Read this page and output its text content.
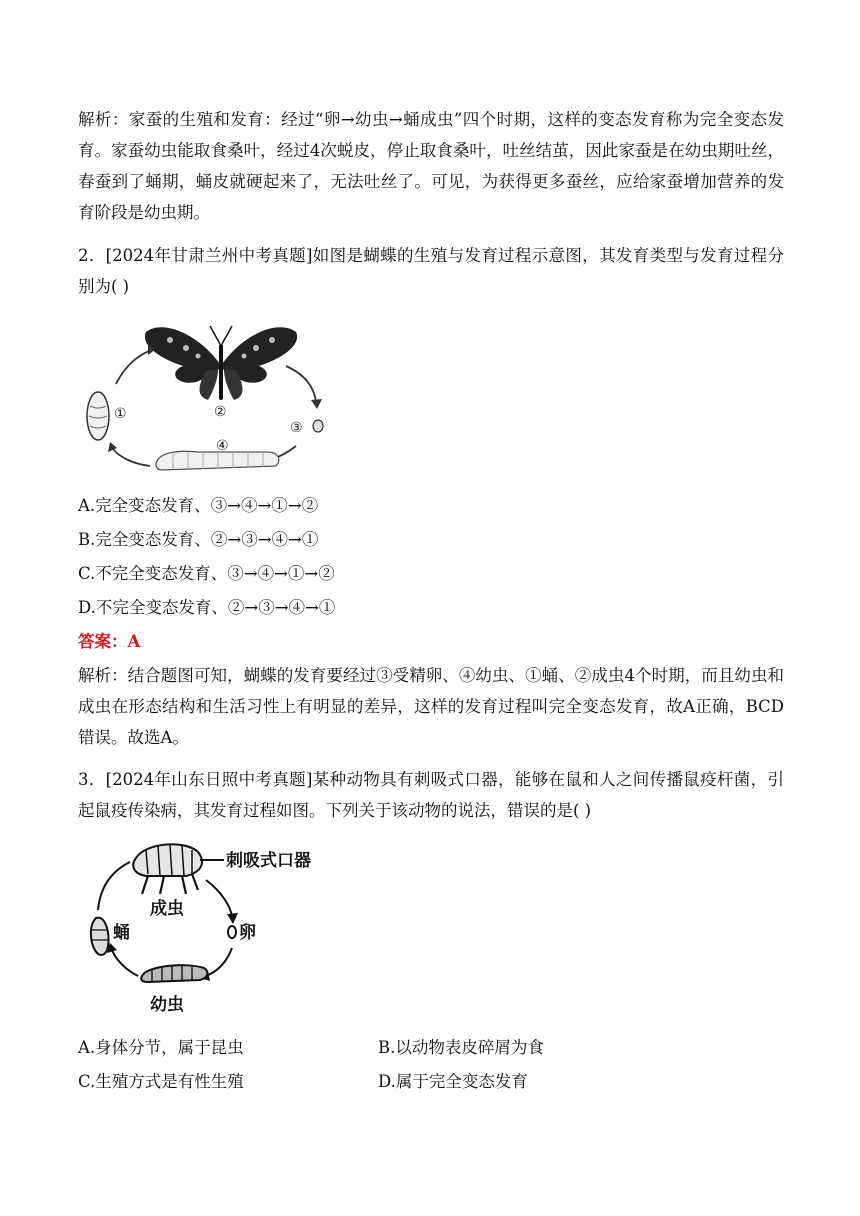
解析：家蚕的生殖和发育：经过“卵→幼虫→蛹成虫”四个时期，这样的变态发育称为完全变态发育。家蚕幼虫能取食桑叶，经过4次蜕皮，停止取食桑叶，吐丝结茧，因此家蚕是在幼虫期吐丝，春蚕到了蛹期，蛹皮就硬起来了，无法吐丝了。可见，为获得更多蚕丝，应给家蚕增加营养的发育阶段是幼虫期。

2．[2024年甘肃兰州中考真题]如图是蝴蝶的生殖与发育过程示意图，其发育类型与发育过程分别为( )

①	②
③
④

A.完全变态发育、③→④→①→②

B.完全变态发育、②→③→④→①

C.不完全变态发育、③→④→①→②

D.不完全变态发育、②→③→④→①

答案：A

解析：结合题图可知，蝴蝶的发育要经过③受精卵、④幼虫、①蛹、②成虫4个时期，而且幼虫和成虫在形态结构和生活习性上有明显的差异，这样的发育过程叫完全变态发育，故A正确，BCD错误。故选A。

3．[2024年山东日照中考真题]某种动物具有刺吸式口器，能够在鼠和人之间传播鼠疫杆菌，引起鼠疫传染病，其发育过程如图。下列关于该动物的说法，错误的是( )

刺吸式口器
成虫
卵
蛹
幼虫

A.身体分节，属于昆虫	B.以动物表皮碎屑为食

C.生殖方式是有性生殖	D.属于完全变态发育
